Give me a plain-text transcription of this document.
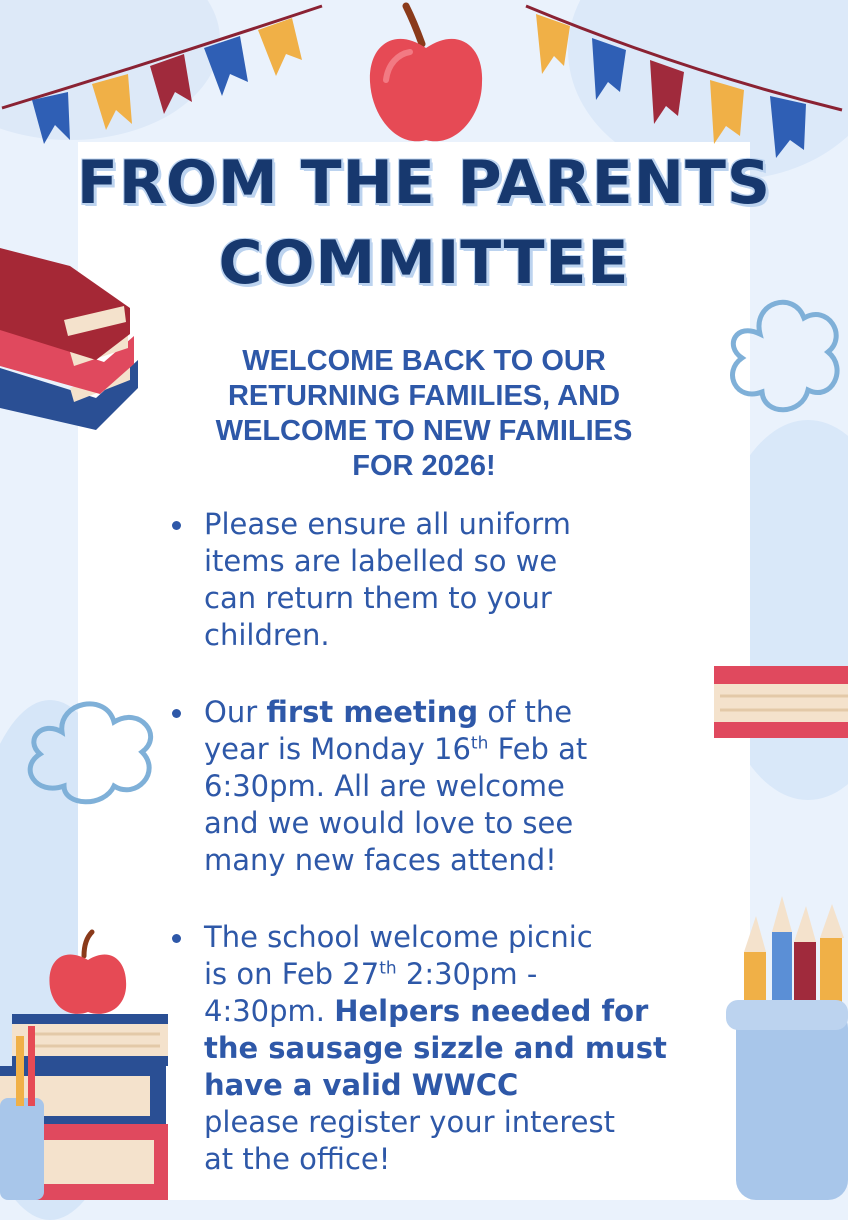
FROM THE PARENTS
COMMITTEE

WELCOME BACK TO OUR
RETURNING FAMILIES, AND
WELCOME TO NEW FAMILIES
FOR 2026!

Please ensure all uniform
items are labelled so we
can return them to your
children.
Our first meeting of the
year is Monday 16th Feb at
6:30pm. All are welcome
and we would love to see
many new faces attend!
The school welcome picnic
is on Feb 27th 2:30pm -
4:30pm. Helpers needed for
the sausage sizzle and must
have a valid WWCC
please register your interest
at the office!
